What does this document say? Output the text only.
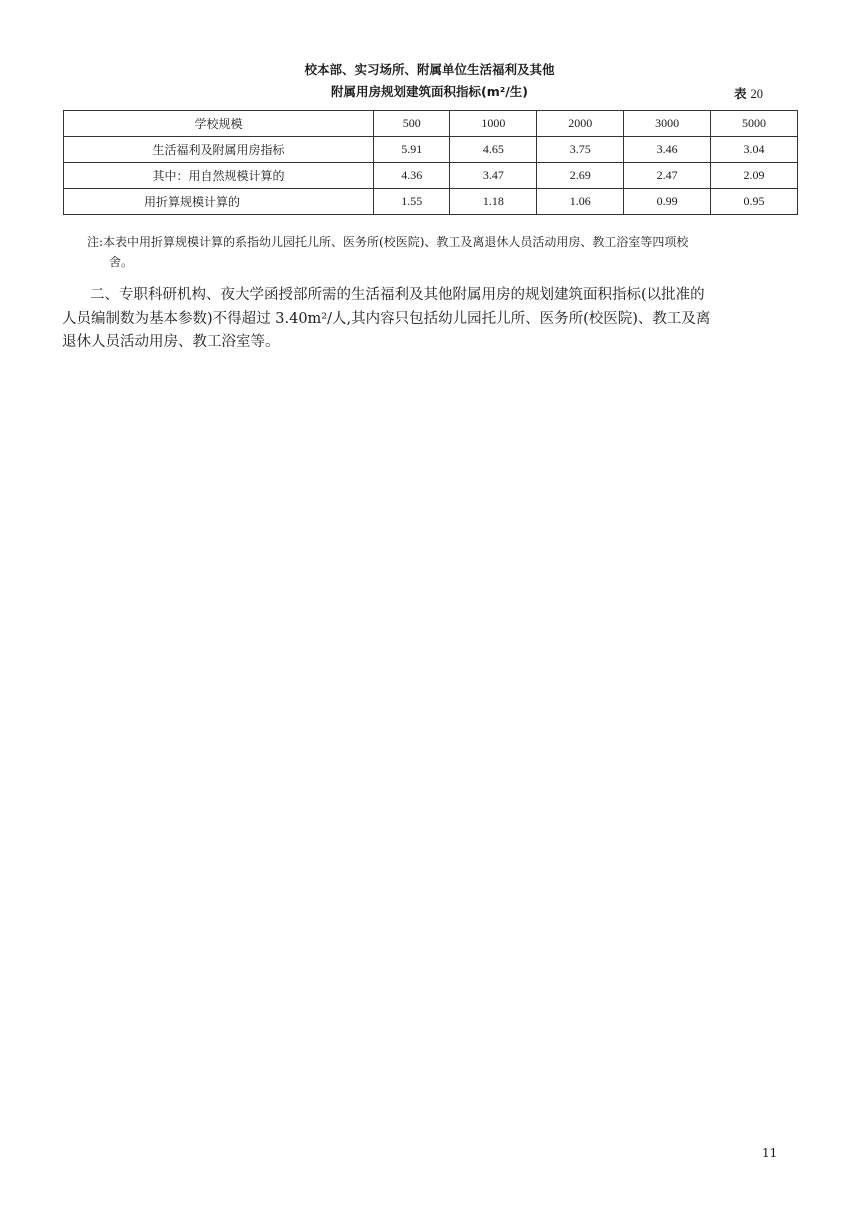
校本部、实习场所、附属单位生活福利及其他
附属用房规划建筑面积指标(m²/生)	表 20
学校规模	500	1000	2000	3000	5000
生活福利及附属用房指标	5.91	4.65	3.75	3.46	3.04
其中：用自然规模计算的	4.36	3.47	2.69	2.47	2.09
用折算规模计算的	1.55	1.18	1.06	0.99	0.95
注:本表中用折算规模计算的系指幼儿园托儿所、医务所(校医院)、教工及离退休人员活动用房、教工浴室等四项校
舍。
二、专职科研机构、夜大学函授部所需的生活福利及其他附属用房的规划建筑面积指标(以批准的
人员编制数为基本参数)不得超过 3.40m²/人,其内容只包括幼儿园托儿所、医务所(校医院)、教工及离
退休人员活动用房、教工浴室等。
11
